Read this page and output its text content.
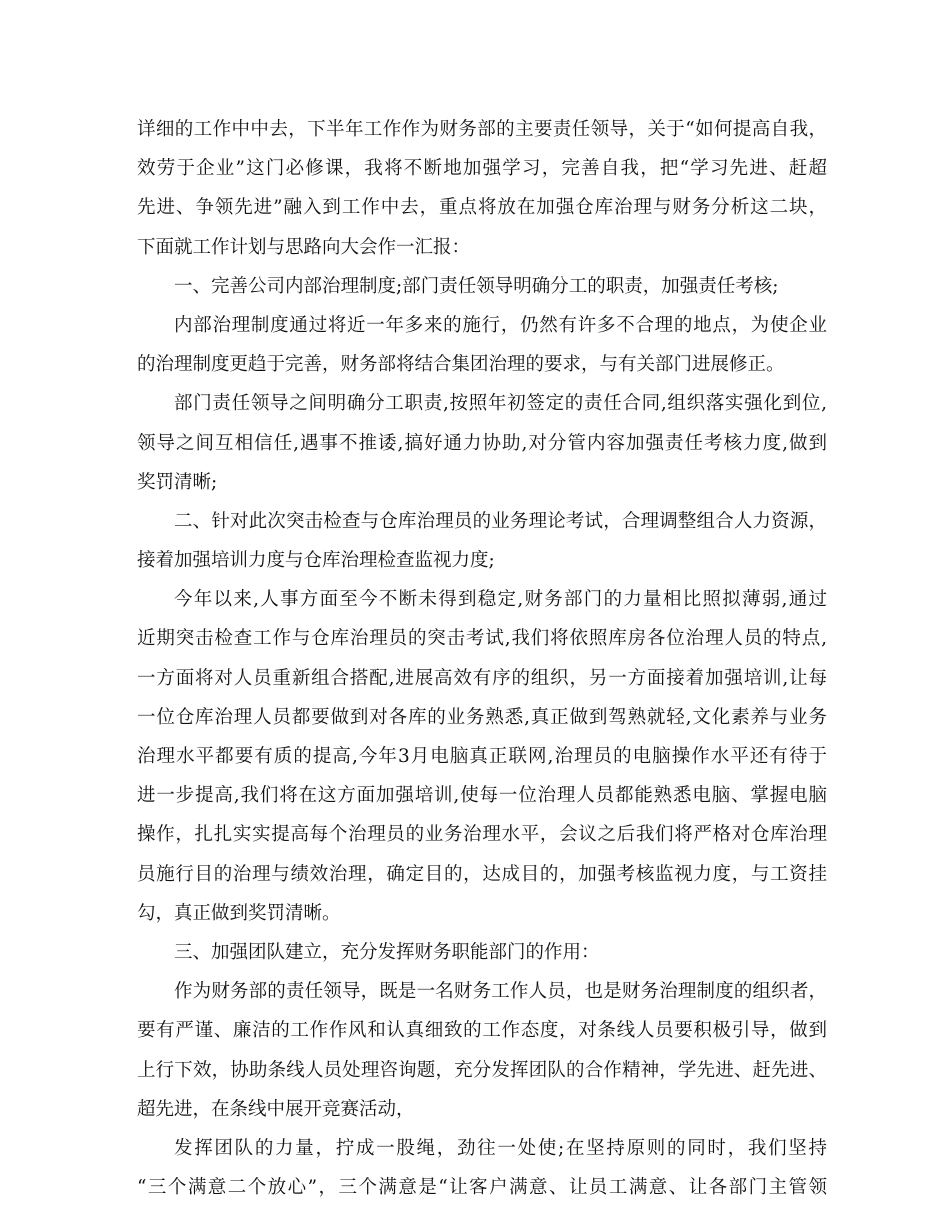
详细的工作中中去，下半年工作作为财务部的主要责任领导，关于“如何提高自我，
效劳于企业”这门必修课，我将不断地加强学习，完善自我，把“学习先进、赶超
先进、争领先进”融入到工作中去，重点将放在加强仓库治理与财务分析这二块，
下面就工作计划与思路向大会作一汇报：
一、完善公司内部治理制度;部门责任领导明确分工的职责，加强责任考核;
内部治理制度通过将近一年多来的施行，仍然有许多不合理的地点，为使企业
的治理制度更趋于完善，财务部将结合集团治理的要求，与有关部门进展修正。
部门责任领导之间明确分工职责,按照年初签定的责任合同,组织落实强化到位,
领导之间互相信任,遇事不推诿,搞好通力协助,对分管内容加强责任考核力度,做到
奖罚清晰;
二、针对此次突击检查与仓库治理员的业务理论考试，合理调整组合人力资源，
接着加强培训力度与仓库治理检查监视力度;
今年以来,人事方面至今不断未得到稳定,财务部门的力量相比照拟薄弱,通过
近期突击检查工作与仓库治理员的突击考试,我们将依照库房各位治理人员的特点,
一方面将对人员重新组合搭配,进展高效有序的组织，另一方面接着加强培训,让每
一位仓库治理人员都要做到对各库的业务熟悉,真正做到驾熟就轻,文化素养与业务
治理水平都要有质的提高,今年3月电脑真正联网,治理员的电脑操作水平还有待于
进一步提高,我们将在这方面加强培训,使每一位治理人员都能熟悉电脑、掌握电脑
操作，扎扎实实提高每个治理员的业务治理水平，会议之后我们将严格对仓库治理
员施行目的治理与绩效治理，确定目的，达成目的，加强考核监视力度，与工资挂
勾，真正做到奖罚清晰。
三、加强团队建立，充分发挥财务职能部门的作用：
作为财务部的责任领导，既是一名财务工作人员，也是财务治理制度的组织者，
要有严谨、廉洁的工作作风和认真细致的工作态度，对条线人员要积极引导，做到
上行下效，协助条线人员处理咨询题，充分发挥团队的合作精神，学先进、赶先进、
超先进，在条线中展开竞赛活动，
发挥团队的力量，拧成一股绳，劲往一处使;在坚持原则的同时，我们坚持
“三个满意二个放心”，三个满意是“让客户满意、让员工满意、让各部门主管领
